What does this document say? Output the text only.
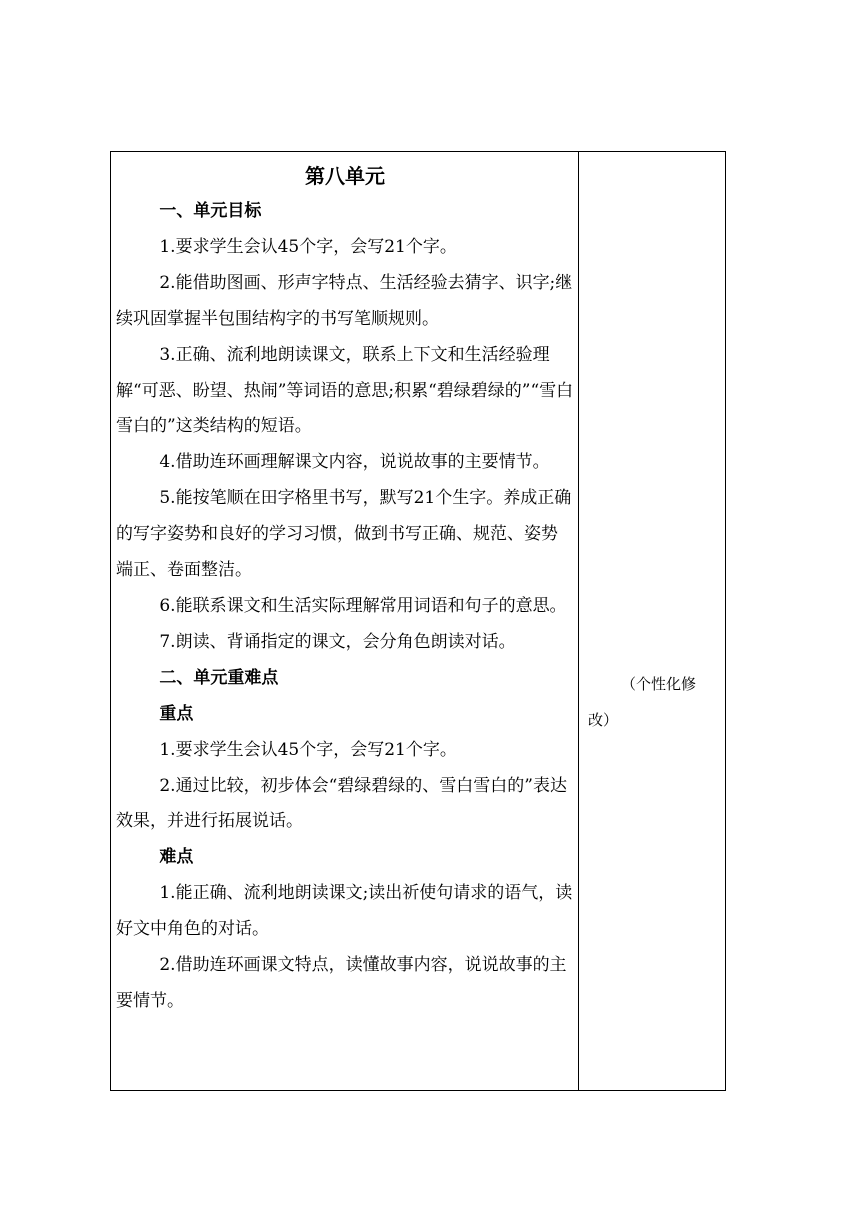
第八单元
一、单元目标
1.要求学生会认45个字，会写21个字。
2.能借助图画、形声字特点、生活经验去猜字、识字;继续巩固掌握半包围结构字的书写笔顺规则。
3.正确、流利地朗读课文，联系上下文和生活经验理解“可恶、盼望、热闹”等词语的意思;积累“碧绿碧绿的”“雪白雪白的”这类结构的短语。
4.借助连环画理解课文内容，说说故事的主要情节。
5.能按笔顺在田字格里书写，默写21个生字。养成正确的写字姿势和良好的学习习惯，做到书写正确、规范、姿势端正、卷面整洁。
6.能联系课文和生活实际理解常用词语和句子的意思。
7.朗读、背诵指定的课文，会分角色朗读对话。
二、单元重难点
重点
1.要求学生会认45个字，会写21个字。
2.通过比较，初步体会“碧绿碧绿的、雪白雪白的”表达效果，并进行拓展说话。
难点
1.能正确、流利地朗读课文;读出祈使句请求的语气，读好文中角色的对话。
2.借助连环画课文特点，读懂故事内容，说说故事的主要情节。

（个性化修改）
